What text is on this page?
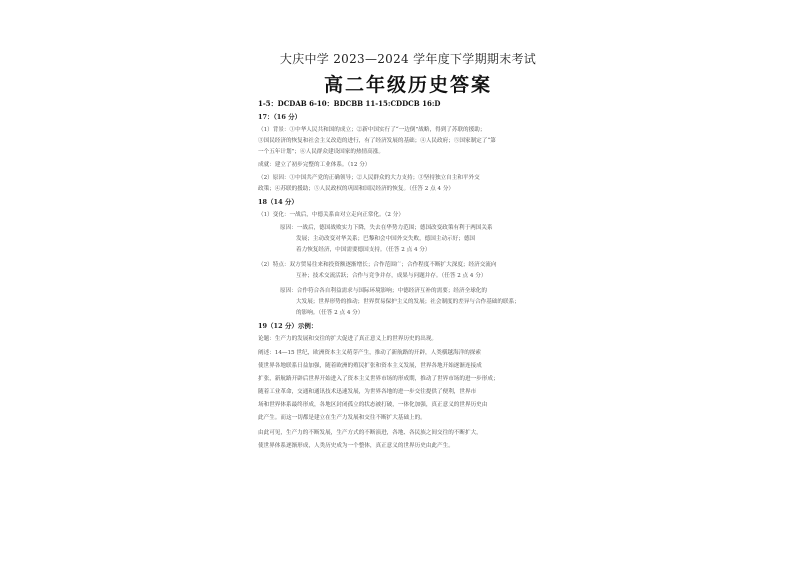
大庆中学 2023—2024 学年度下学期期末考试
高二年级历史答案
1-5：DCDAB 6-10：BDCBB 11-15:CDDCB 16:D
17：（16 分）
（1）背景：①中华人民共和国的成立；②新中国实行了“一边倒”战略，得到了苏联的援助；
③国民经济的恢复和社会主义改造的进行，有了经济发展的基础；④人民政府；⑤国家制定了“第
一个五年计划”；⑥人民群众建设国家的热情高涨。
成就：建立了初步完整的工业体系。（12 分）
（2）原因：①中国共产党的正确领导；②人民群众的大力支持；③坚持独立自主和平外交
政策；④苏联的援助；⑤人民政权的巩固和国民经济的恢复。（任答 2 点 4 分）
18（14 分）
（1）变化：一战后，中德关系由对立走向正常化。（2 分）
原因：一战后，德国战败实力下降，失去在华势力范围；德国改变政策有利于两国关系
发展；主动改变对华关系；巴黎和会中国外交失败，德国主动示好；德国
着力恢复经济，中国需要德国支持。（任答 2 点 4 分）
（2）特点：双方贸易往来和投资额逐渐增长；合作范围广；合作程度不断扩大深度；经济交流向
互补；技术交流活跃；合作与竞争并存，成果与问题并存。（任答 2 点 4 分）
原因：合作符合各自利益需求与国际环境影响；中德经济互补的需要；经济全球化的
大发展；世界形势的推动；世界贸易保护主义的发展；社会制度的差异与合作基础的联系；
的影响。（任答 2 点 4 分）
19（12 分）示例：
论题：生产力的发展和交往的扩大促进了真正意义上的世界历史的出现。
阐述：14—15 世纪，欧洲资本主义萌芽产生，推动了新航路的开辟，人类横越海洋的探索
使世界各地联系日益加强，随着欧洲的殖民扩张和资本主义发展，世界各地开始逐渐连接成
扩张，新航路开辟后世界开始进入了资本主义世界市场的形成期，推动了世界市场的进一步形成；
随着工业革命，交通和通讯技术迅速发展，为世界各地的进一步交往提供了便利，世界市
场和世界体系最终形成，各地区封闭孤立的状态被打破，一体化加强，真正意义的世界历史由
此产生。而这一切都是建立在生产力发展和交往不断扩大基础上的。
由此可见，生产力的不断发展，生产方式的不断演进，各地、各民族之间交往的不断扩大，
使世界体系逐渐形成，人类历史成为一个整体，真正意义的世界历史由此产生。
